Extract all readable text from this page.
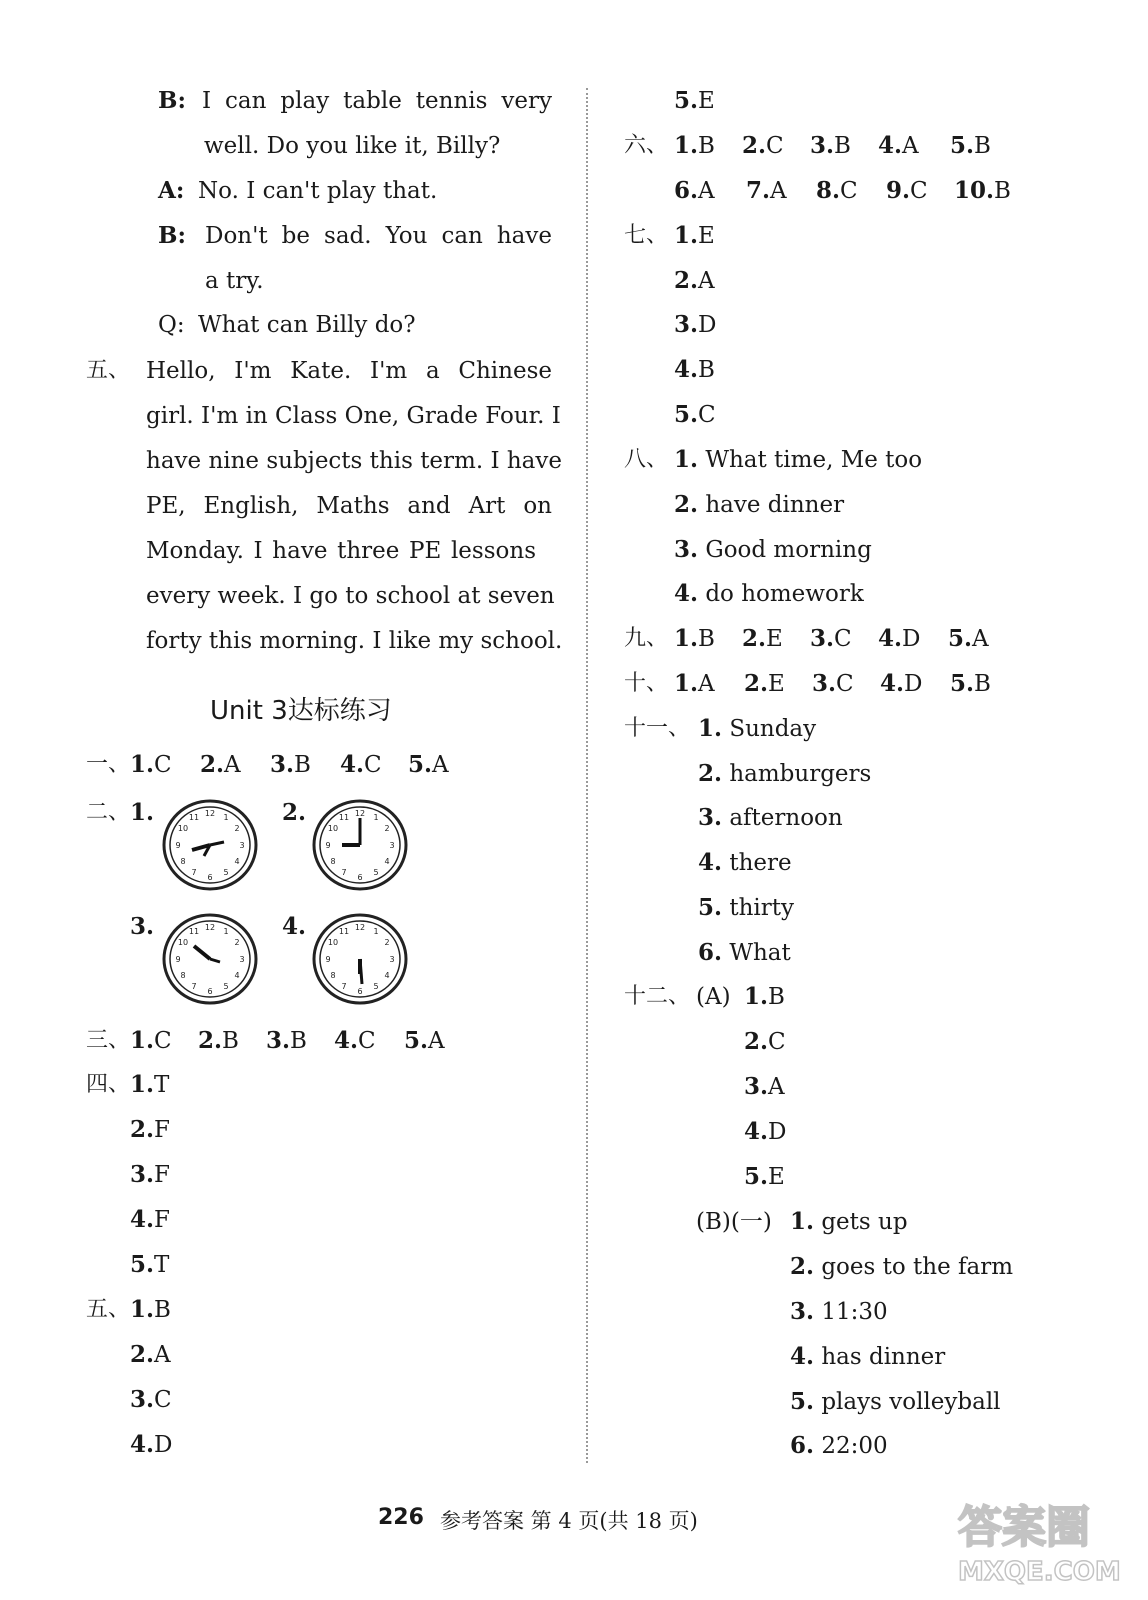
B: I can play table tennis very
well. Do you like it, Billy?
A: No. I can't play that.
B: Don't be sad. You can have
a try.
Q: What can Billy do?
五、 Hello, I'm Kate. I'm a Chinese
girl. I'm in Class One, Grade Four. I
have nine subjects this term. I have
PE, English, Maths and Art on
Monday. I have three PE lessons
every week. I go to school at seven
forty this morning. I like my school.
Unit 3达标练习
一、 1.C 2.A 3.B 4.C 5.A
二、 1.	2.
3.	4.
12 1
2
3
4
5
6
7
8
9
10
11	12 1
2
3
4
5
6
7
8
9
10
11
12 1
2
3
4
5
6
7
8
9
10
11	12 1
2
3
4
5
6
7
8
9
10
11
三、 1.C 2.B 3.B 4.C 5.A
四、 1.T
2.F
3.F
4.F
5.T
五、 1.B
2.A
3.C
4.D
5.E
六、 1.B 2.C 3.B 4.A 5.B
6.A 7.A 8.C 9.C 10.B
七、 1.E
2.A
3.D
4.B
5.C
八、 1. What time, Me too
2. have dinner
3. Good morning
4. do homework
九、 1.B 2.E 3.C 4.D 5.A
十、 1.A 2.E 3.C 4.D 5.B
十一、 1. Sunday
2. hamburgers
3. afternoon
4. there
5. thirty
6. What
十二、 (A) 1.B
2.C
3.A
4.D
5.E
(B)(一) 1. gets up
2. goes to the farm
3. 11:30
4. has dinner
5. plays volleyball
6. 22:00
226 参考答案 第 4 页(共 18 页)	答案圈
MXQE.COM
